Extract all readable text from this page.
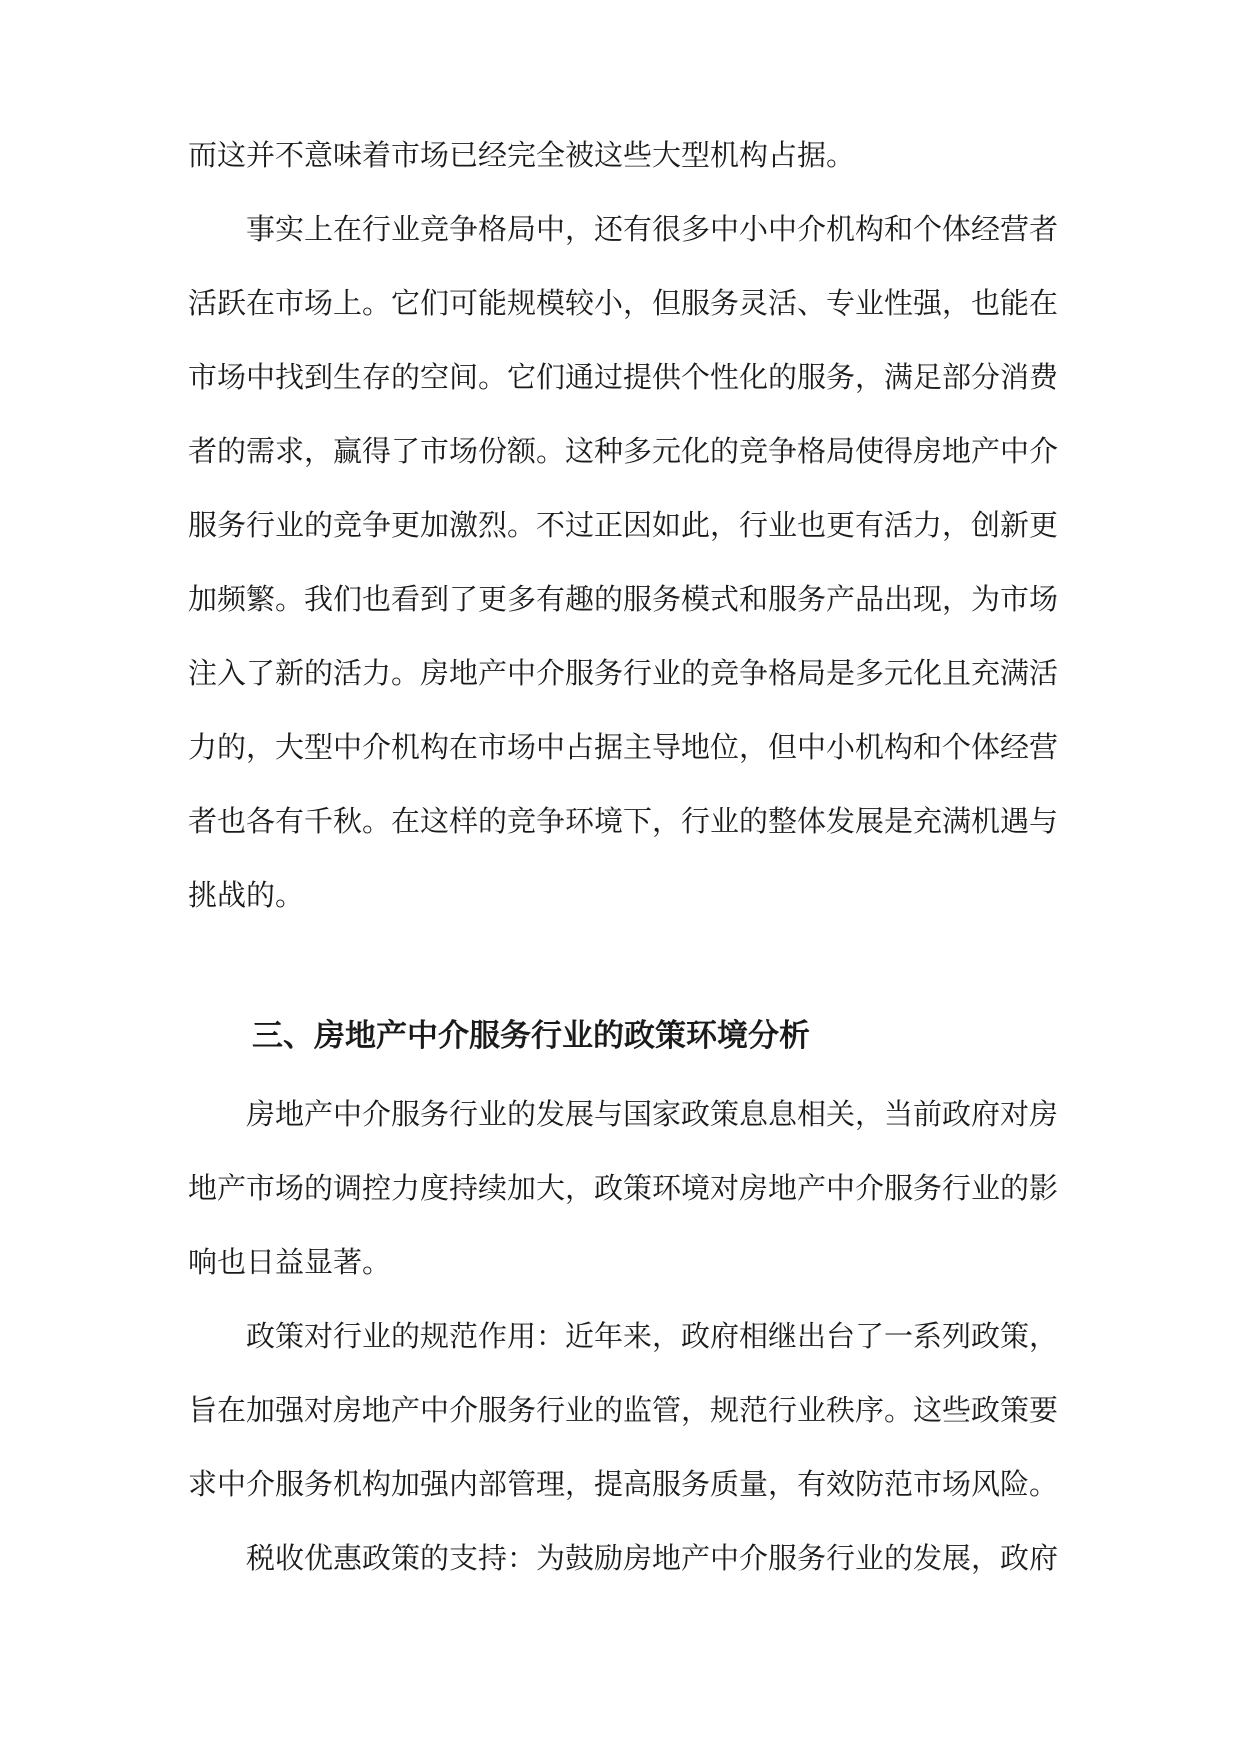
而这并不意味着市场已经完全被这些大型机构占据。
事实上在行业竞争格局中，还有很多中小中介机构和个体经营者
活跃在市场上。它们可能规模较小，但服务灵活、专业性强，也能在
市场中找到生存的空间。它们通过提供个性化的服务，满足部分消费
者的需求，赢得了市场份额。这种多元化的竞争格局使得房地产中介
服务行业的竞争更加激烈。不过正因如此，行业也更有活力，创新更
加频繁。我们也看到了更多有趣的服务模式和服务产品出现，为市场
注入了新的活力。房地产中介服务行业的竞争格局是多元化且充满活
力的，大型中介机构在市场中占据主导地位，但中小机构和个体经营
者也各有千秋。在这样的竞争环境下，行业的整体发展是充满机遇与
挑战的。
三、房地产中介服务行业的政策环境分析
房地产中介服务行业的发展与国家政策息息相关，当前政府对房
地产市场的调控力度持续加大，政策环境对房地产中介服务行业的影
响也日益显著。
政策对行业的规范作用：近年来，政府相继出台了一系列政策，
旨在加强对房地产中介服务行业的监管，规范行业秩序。这些政策要
求中介服务机构加强内部管理，提高服务质量，有效防范市场风险。
税收优惠政策的支持：为鼓励房地产中介服务行业的发展，政府
